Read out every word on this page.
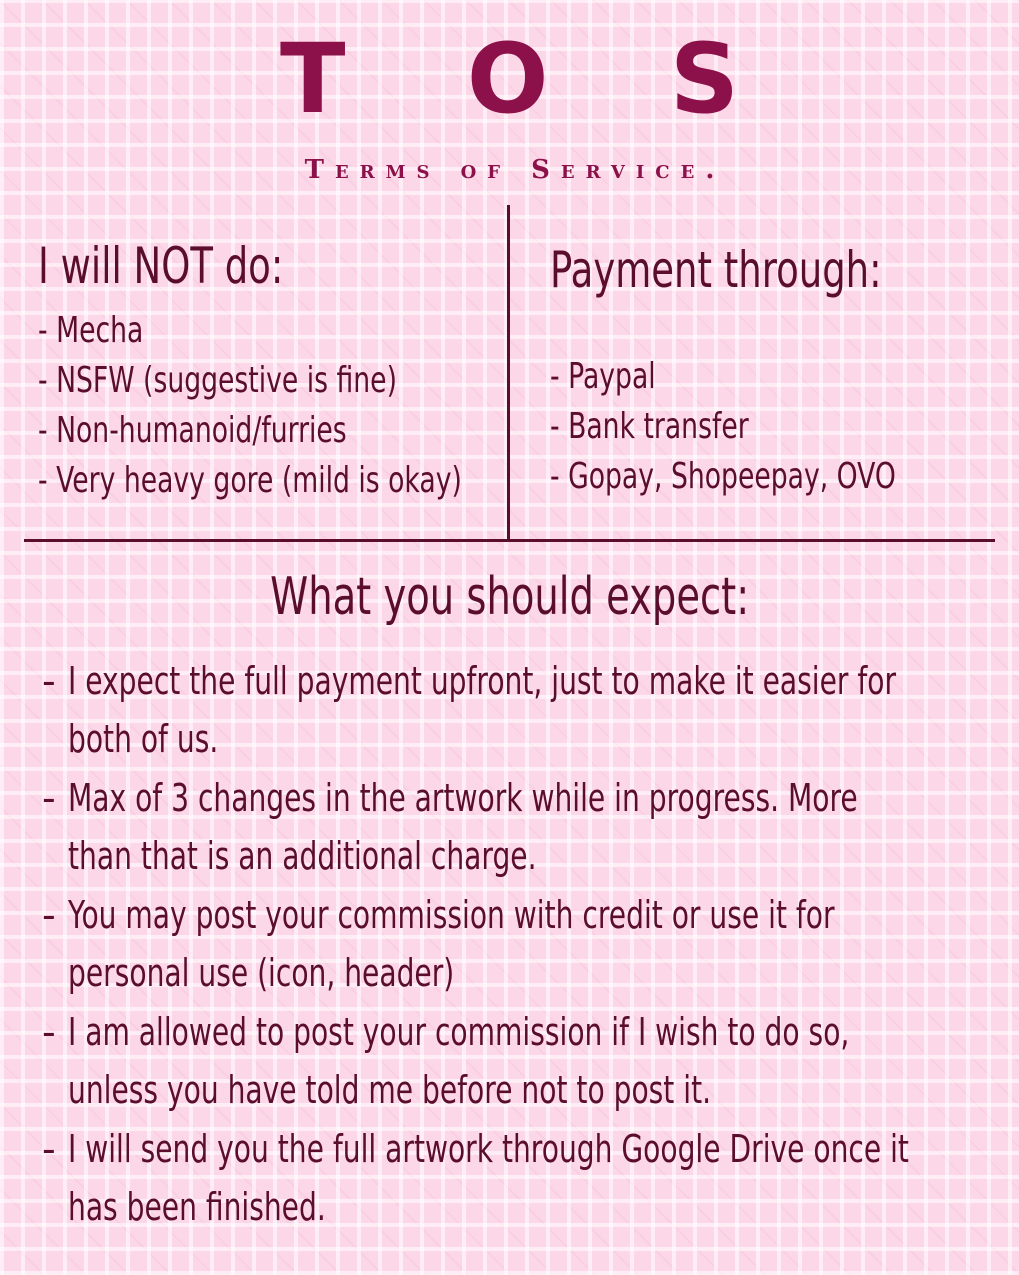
T O S
Terms of Service.
I will NOT do:
- Mecha
- NSFW (suggestive is fine)
- Non-humanoid/furries
- Very heavy gore (mild is okay)
Payment through:
- Paypal
- Bank transfer
- Gopay, Shopeepay, OVO
What you should expect:
- I expect the full payment upfront, just to make it easier for
both of us.
- Max of 3 changes in the artwork while in progress. More
than that is an additional charge.
- You may post your commission with credit or use it for
personal use (icon, header)
- I am allowed to post your commission if I wish to do so,
unless you have told me before not to post it.
- I will send you the full artwork through Google Drive once it
has been finished.
